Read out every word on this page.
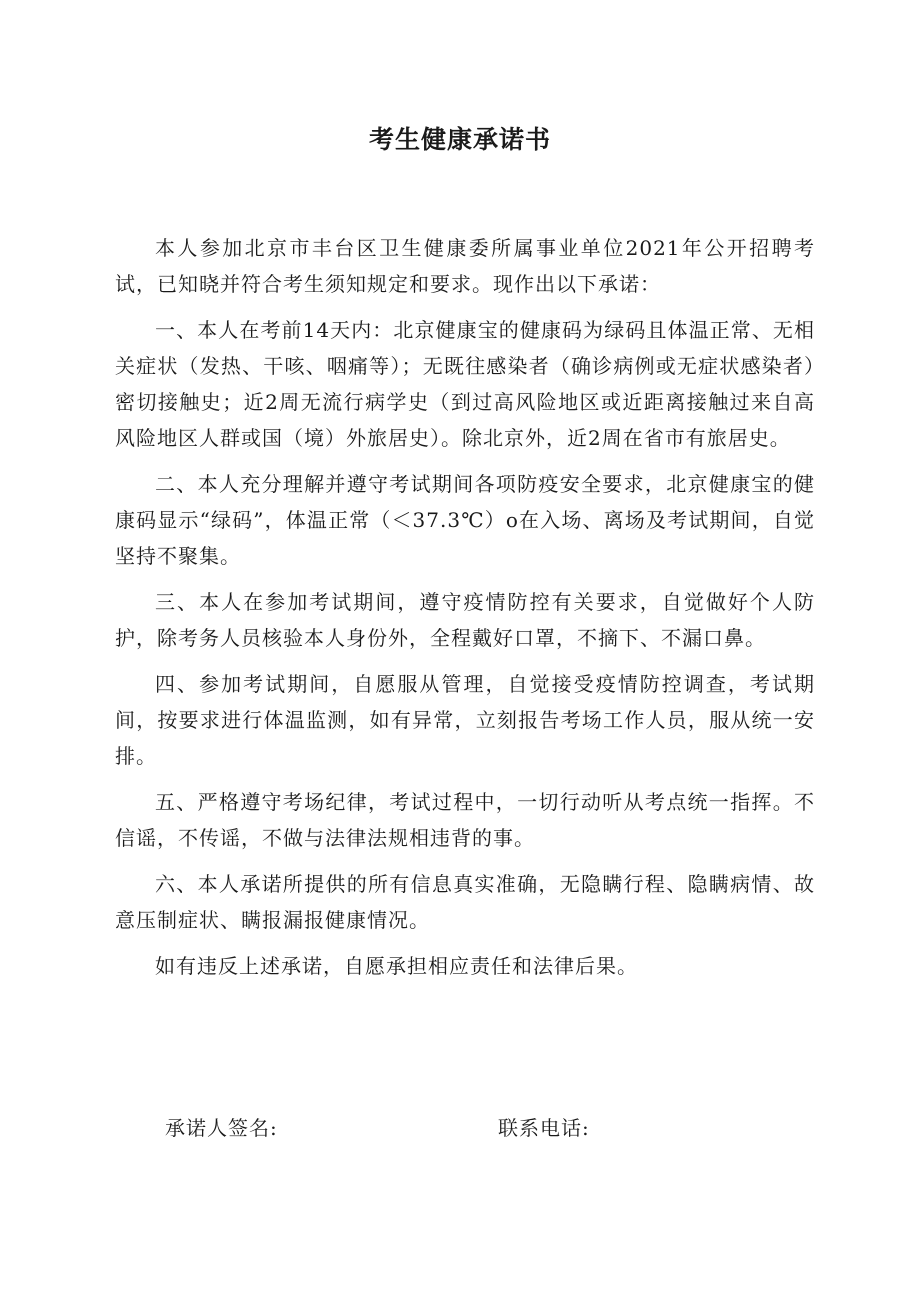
考生健康承诺书

本人参加北京市丰台区卫生健康委所属事业单位2021年公开招聘考试，已知晓并符合考生须知规定和要求。现作出以下承诺：

一、本人在考前14天内：北京健康宝的健康码为绿码且体温正常、无相关症状（发热、干咳、咽痛等）；无既往感染者（确诊病例或无症状感染者）密切接触史；近2周无流行病学史（到过高风险地区或近距离接触过来自高风险地区人群或国（境）外旅居史）。除北京外，近2周在省市有旅居史。

二、本人充分理解并遵守考试期间各项防疫安全要求，北京健康宝的健康码显示“绿码”，体温正常（＜37.3℃）o在入场、离场及考试期间，自觉坚持不聚集。

三、本人在参加考试期间，遵守疫情防控有关要求，自觉做好个人防护，除考务人员核验本人身份外，全程戴好口罩，不摘下、不漏口鼻。

四、参加考试期间，自愿服从管理，自觉接受疫情防控调查，考试期间，按要求进行体温监测，如有异常，立刻报告考场工作人员，服从统一安排。

五、严格遵守考场纪律，考试过程中，一切行动听从考点统一指挥。不信谣，不传谣，不做与法律法规相违背的事。

六、本人承诺所提供的所有信息真实准确，无隐瞒行程、隐瞒病情、故意压制症状、瞒报漏报健康情况。

如有违反上述承诺，自愿承担相应责任和法律后果。

承诺人签名:	联系电话:
